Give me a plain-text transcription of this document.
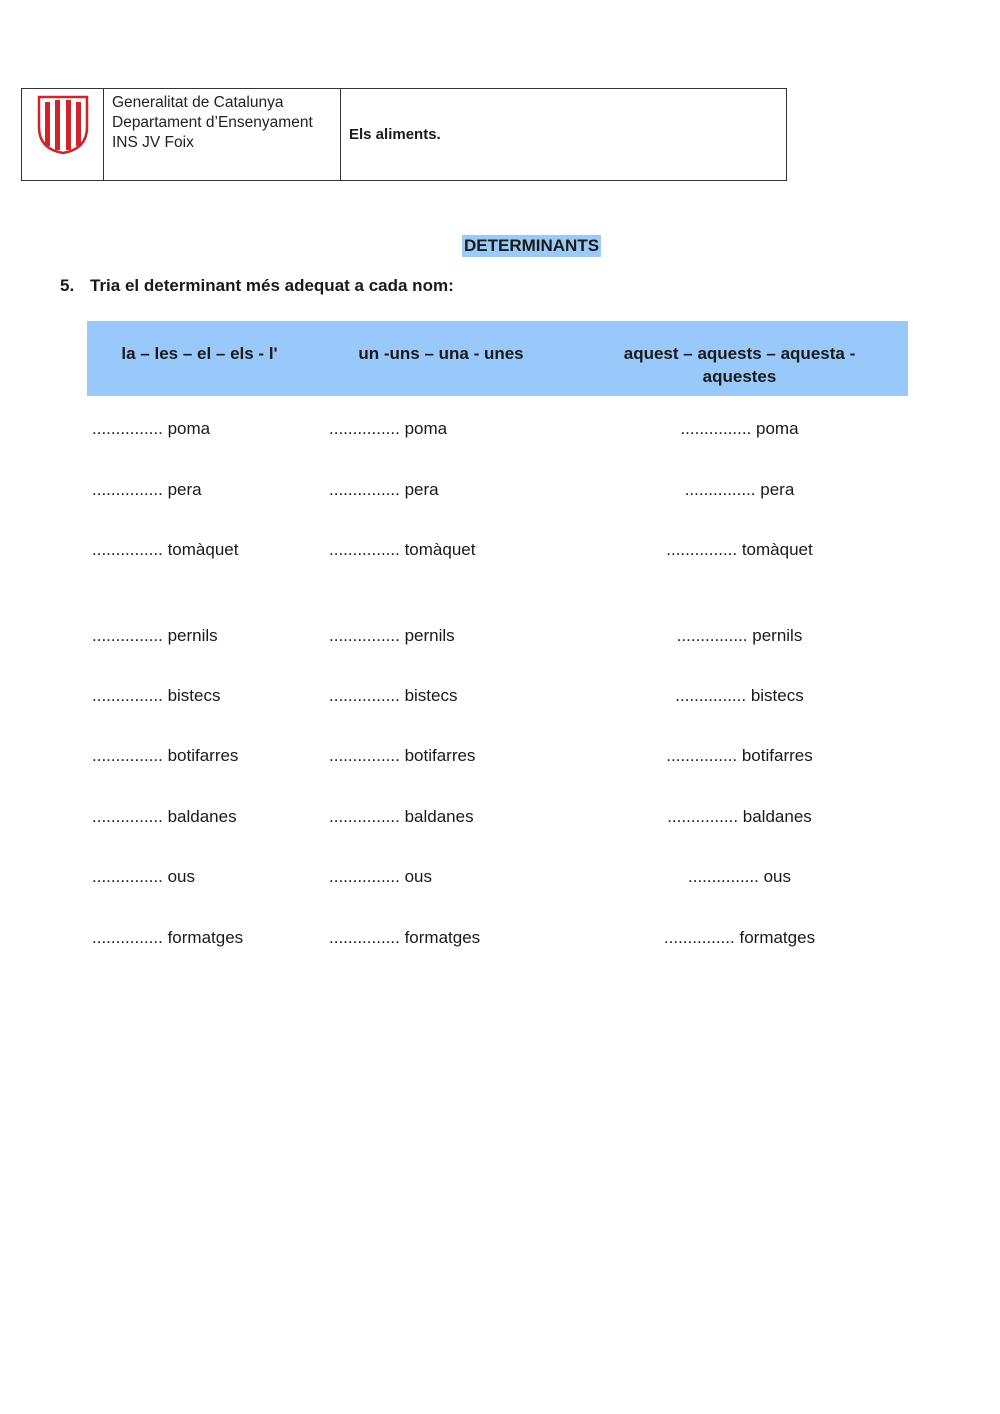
Generalitat de Catalunya
Departament d’Ensenyament
INS JV Foix	Els aliments.
DETERMINANTS
5. Tria el determinant més adequat a cada nom:
la – les – el – els - l'	un -uns – una - unes	aquest – aquests – aquesta - aquestes
............... poma	............... poma	............... poma
............... pera	............... pera	............... pera
............... tomàquet	............... tomàquet	............... tomàquet
............... pernils	............... pernils	............... pernils
............... bistecs	............... bistecs	............... bistecs
............... botifarres	............... botifarres	............... botifarres
............... baldanes	............... baldanes	............... baldanes
............... ous	............... ous	............... ous
............... formatges	............... formatges	............... formatges
